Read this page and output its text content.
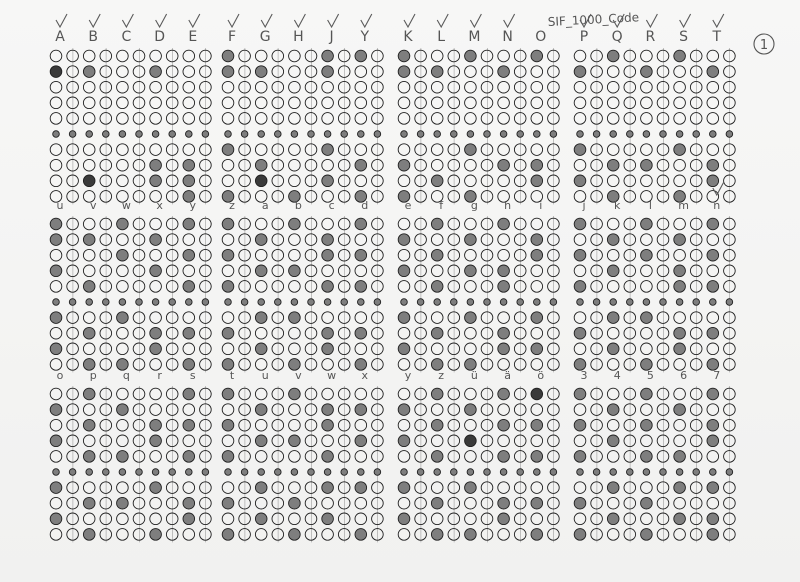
SIF_1000_Code
1
A B C D E F G H J Y K L M N O P Q R S T
u v w x y	z a b c d	e	f	g h	i	j	k	l m n
o p q r	s	t	u v w x	y z ü ä ö	3 4 5 6 7
